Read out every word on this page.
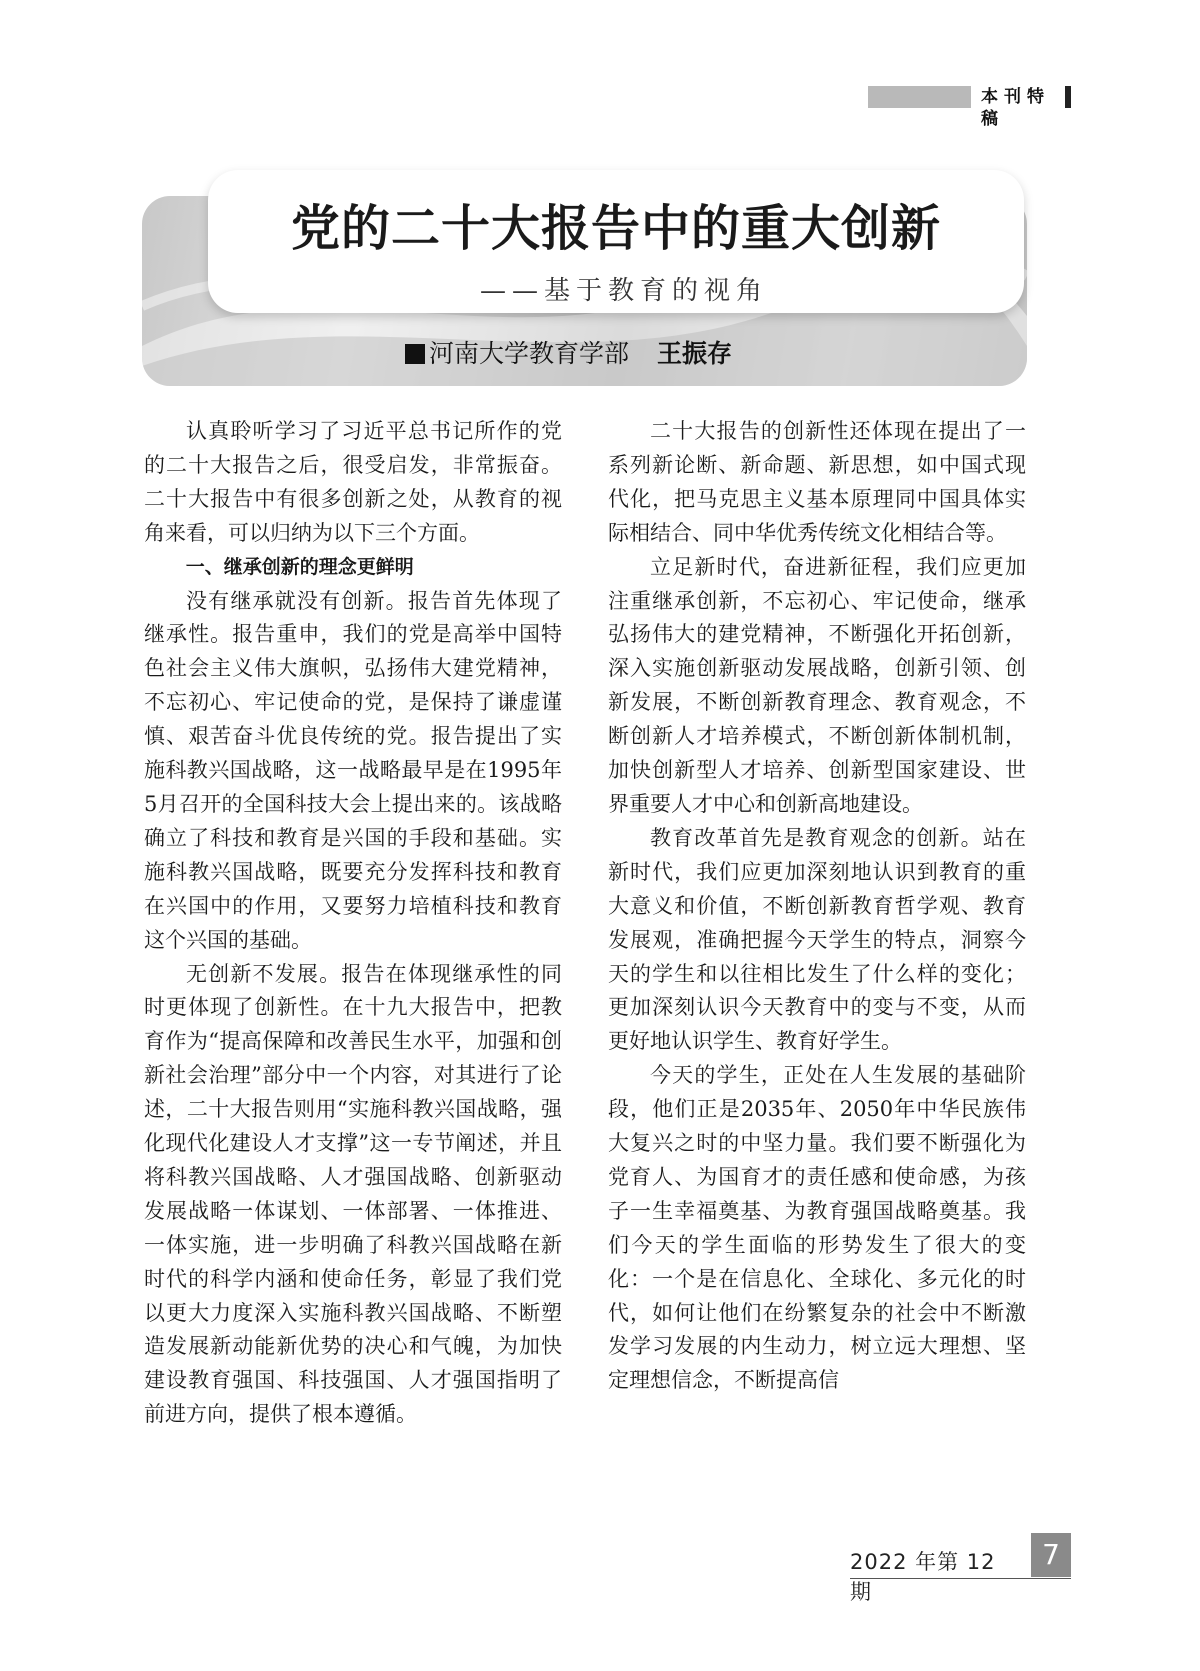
本刊特稿
党的二十大报告中的重大创新
——基于教育的视角
河南大学教育学部 王振存

认真聆听学习了习近平总书记所作的党的二十大报告之后，很受启发，非常振奋。二十大报告中有很多创新之处，从教育的视角来看，可以归纳为以下三个方面。

一、继承创新的理念更鲜明

没有继承就没有创新。报告首先体现了继承性。报告重申，我们的党是高举中国特色社会主义伟大旗帜，弘扬伟大建党精神，不忘初心、牢记使命的党，是保持了谦虚谨慎、艰苦奋斗优良传统的党。报告提出了实施科教兴国战略，这一战略最早是在1995年5月召开的全国科技大会上提出来的。该战略确立了科技和教育是兴国的手段和基础。实施科教兴国战略，既要充分发挥科技和教育在兴国中的作用，又要努力培植科技和教育这个兴国的基础。

无创新不发展。报告在体现继承性的同时更体现了创新性。在十九大报告中，把教育作为“提高保障和改善民生水平，加强和创新社会治理”部分中一个内容，对其进行了论述，二十大报告则用“实施科教兴国战略，强化现代化建设人才支撑”这一专节阐述，并且将科教兴国战略、人才强国战略、创新驱动发展战略一体谋划、一体部署、一体推进、一体实施，进一步明确了科教兴国战略在新时代的科学内涵和使命任务，彰显了我们党以更大力度深入实施科教兴国战略、不断塑造发展新动能新优势的决心和气魄，为加快建设教育强国、科技强国、人才强国指明了前进方向，提供了根本遵循。

二十大报告的创新性还体现在提出了一系列新论断、新命题、新思想，如中国式现代化，把马克思主义基本原理同中国具体实际相结合、同中华优秀传统文化相结合等。

立足新时代，奋进新征程，我们应更加注重继承创新，不忘初心、牢记使命，继承弘扬伟大的建党精神，不断强化开拓创新，深入实施创新驱动发展战略，创新引领、创新发展，不断创新教育理念、教育观念，不断创新人才培养模式，不断创新体制机制，加快创新型人才培养、创新型国家建设、世界重要人才中心和创新高地建设。

教育改革首先是教育观念的创新。站在新时代，我们应更加深刻地认识到教育的重大意义和价值，不断创新教育哲学观、教育发展观，准确把握今天学生的特点，洞察今天的学生和以往相比发生了什么样的变化；更加深刻认识今天教育中的变与不变，从而更好地认识学生、教育好学生。

今天的学生，正处在人生发展的基础阶段，他们正是2035年、2050年中华民族伟大复兴之时的中坚力量。我们要不断强化为党育人、为国育才的责任感和使命感，为孩子一生幸福奠基、为教育强国战略奠基。我们今天的学生面临的形势发生了很大的变化：一个是在信息化、全球化、多元化的时代，如何让他们在纷繁复杂的社会中不断激发学习发展的内生动力，树立远大理想、坚定理想信念，不断提高信

2022 年第 12 期
7
